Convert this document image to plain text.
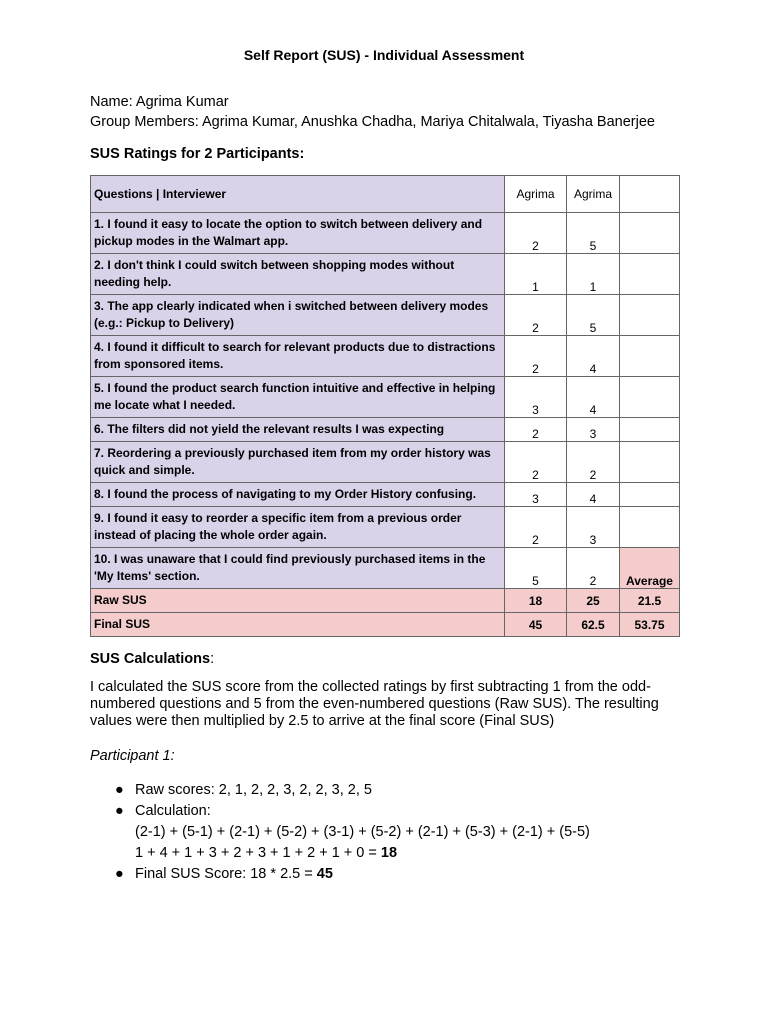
Self Report (SUS) - Individual Assessment
Name: Agrima Kumar
Group Members: Agrima Kumar, Anushka Chadha, Mariya Chitalwala, Tiyasha Banerjee
SUS Ratings for 2 Participants:
Questions | Interviewer	Agrima	Agrima	
1. I found it easy to locate the option to switch between delivery and pickup modes in the Walmart app.	2	5	
2. I don't think I could switch between shopping modes without needing help.	1	1	
3. The app clearly indicated when i switched between delivery modes (e.g.: Pickup to Delivery)	2	5	
4. I found it difficult to search for relevant products due to distractions from sponsored items.	2	4	
5. I found the product search function intuitive and effective in helping me locate what I needed.	3	4	
6. The filters did not yield the relevant results I was expecting	2	3	
7. Reordering a previously purchased item from my order history was quick and simple.	2	2	
8. I found the process of navigating to my Order History confusing.	3	4	
9. I found it easy to reorder a specific item from a previous order instead of placing the whole order again.	2	3	
10. I was unaware that I could find previously purchased items in the 'My Items' section.	5	2	Average
Raw SUS	18	25	21.5
Final SUS	45	62.5	53.75
SUS Calculations:
I calculated the SUS score from the collected ratings by first subtracting 1 from the odd-numbered questions and 5 from the even-numbered questions (Raw SUS). The resulting values were then multiplied by 2.5 to arrive at the final score (Final SUS)
Participant 1:
● Raw scores: 2, 1, 2, 2, 3, 2, 2, 3, 2, 5
● Calculation:
(2-1) + (5-1) + (2-1) + (5-2) + (3-1) + (5-2) + (2-1) + (5-3) + (2-1) + (5-5)
1 + 4 + 1 + 3 + 2 + 3 + 1 + 2 + 1 + 0 = 18
● Final SUS Score: 18 * 2.5 = 45
